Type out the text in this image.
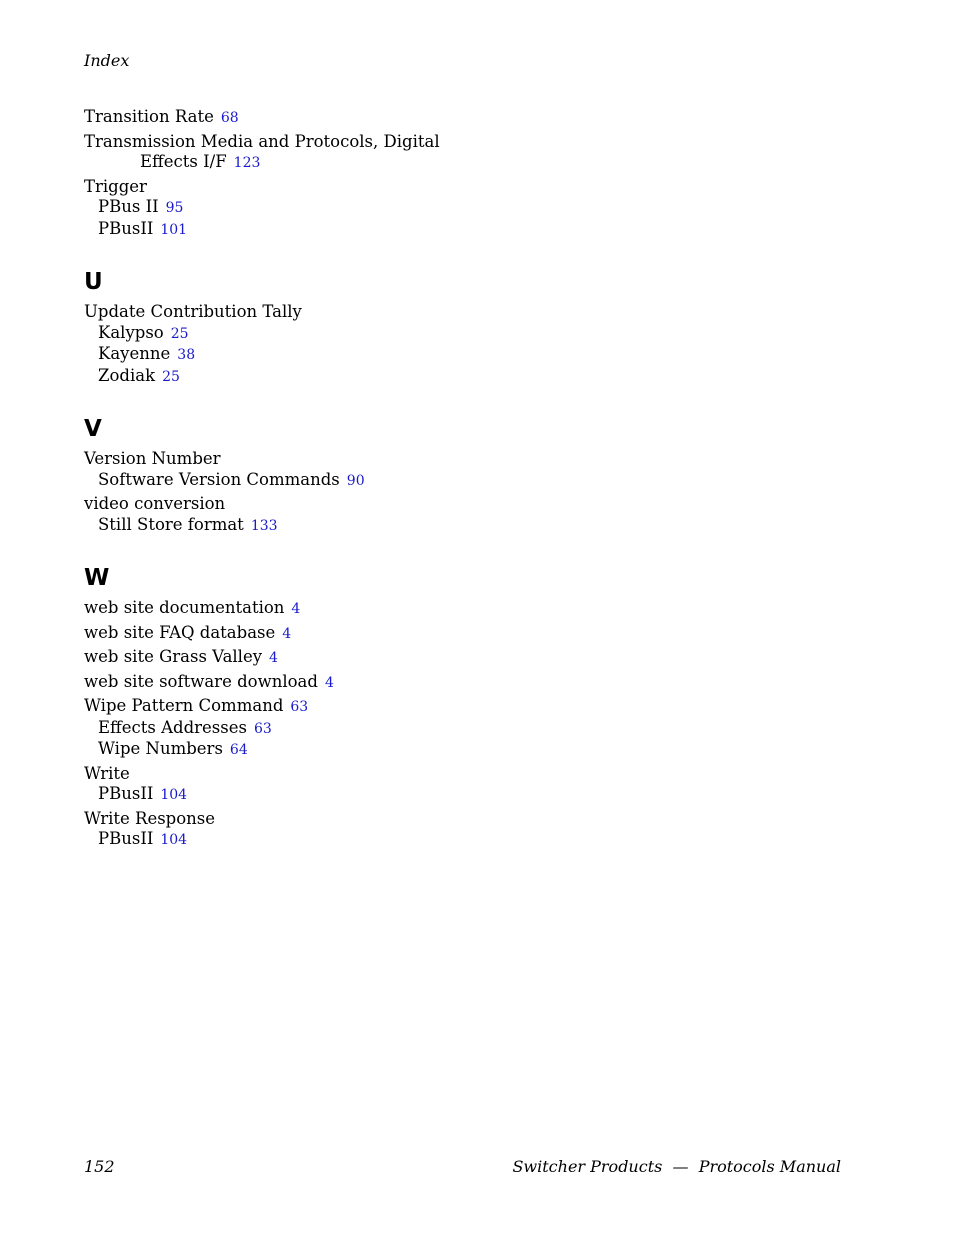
Index
Transition Rate 68
Transmission Media and Protocols, Digital
Effects I/F 123
Trigger
PBus II 95
PBusII 101
U
Update Contribution Tally
Kalypso 25
Kayenne 38
Zodiak 25
V
Version Number
Software Version Commands 90
video conversion
Still Store format 133
W
web site documentation 4
web site FAQ database 4
web site Grass Valley 4
web site software download 4
Wipe Pattern Command 63
Effects Addresses 63
Wipe Numbers 64
Write
PBusII 104
Write Response
PBusII 104
152	Switcher Products — Protocols Manual
